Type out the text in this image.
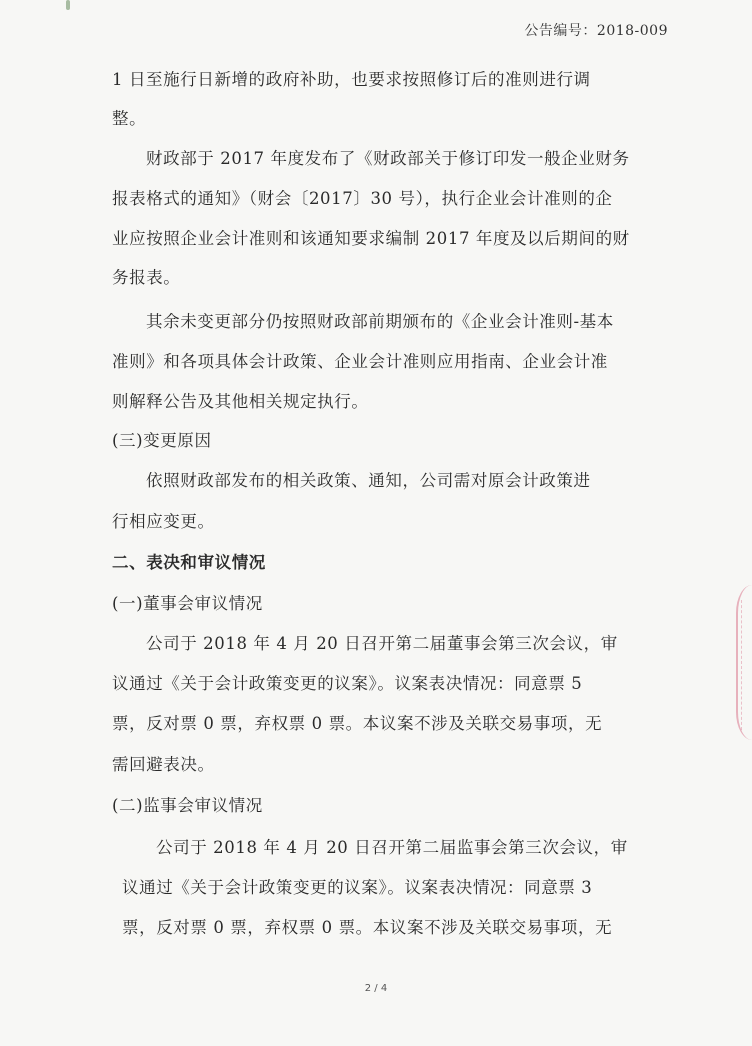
公告编号：2018-009
1 日至施行日新增的政府补助，也要求按照修订后的准则进行调
整。
财政部于 2017 年度发布了《财政部关于修订印发一般企业财务
报表格式的通知》（财会〔2017〕30 号），执行企业会计准则的企
业应按照企业会计准则和该通知要求编制 2017 年度及以后期间的财
务报表。
其余未变更部分仍按照财政部前期颁布的《企业会计准则-基本
准则》和各项具体会计政策、企业会计准则应用指南、企业会计准
则解释公告及其他相关规定执行。
(三)变更原因
依照财政部发布的相关政策、通知，公司需对原会计政策进
行相应变更。
二、表决和审议情况
(一)董事会审议情况
公司于 2018 年 4 月 20 日召开第二届董事会第三次会议，审
议通过《关于会计政策变更的议案》。议案表决情况：同意票 5
票，反对票 0 票，弃权票 0 票。本议案不涉及关联交易事项，无
需回避表决。
(二)监事会审议情况
公司于 2018 年 4 月 20 日召开第二届监事会第三次会议，审
议通过《关于会计政策变更的议案》。议案表决情况：同意票 3
票，反对票 0 票，弃权票 0 票。本议案不涉及关联交易事项，无
2 / 4
